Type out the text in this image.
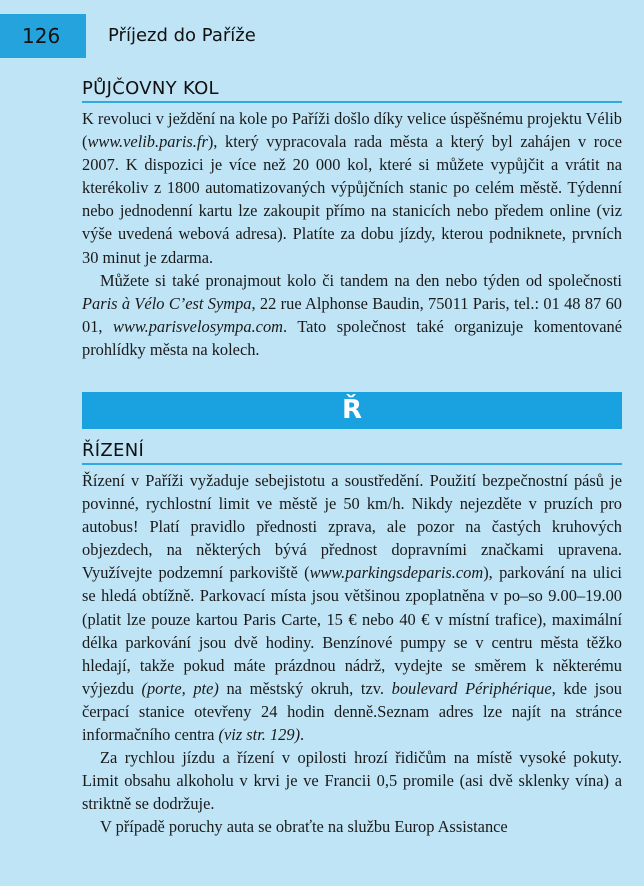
126	Příjezd do Paříže
PŮJČOVNY KOL

K revoluci v ježdění na kole po Paříži došlo díky velice úspěšnému projektu Vélib (www.velib.paris.fr), který vypracovala rada města a který byl zahájen v roce 2007. K dispozici je více než 20 000 kol, které si můžete vypůjčit a vrátit na kterékoliv z 1800 automatizovaných výpůjčních stanic po celém městě. Týdenní nebo jednodenní kartu lze zakoupit přímo na stanicích nebo předem online (viz výše uvedená webová adresa). Platíte za dobu jízdy, kterou podniknete, prvních 30 minut je zdarma.

Můžete si také pronajmout kolo či tandem na den nebo týden od společnosti Paris à Vélo C’est Sympa, 22 rue Alphonse Baudin, 75011 Paris, tel.: 01 48 87 60 01, www.parisvelosympa.com. Tato společnost také organizuje komentované prohlídky města na kolech.

Ř
ŘÍZENÍ

Řízení v Paříži vyžaduje sebejistotu a soustředění. Použití bezpečnostní pásů je povinné, rychlostní limit ve městě je 50 km/h. Nikdy nejezděte v pruzích pro autobus! Platí pravidlo přednosti zprava, ale pozor na častých kruhových objezdech, na některých bývá přednost dopravními značkami upravena. Využívejte podzemní parkoviště (www.parkingsdeparis.com), parkování na ulici se hledá obtížně. Parkovací místa jsou většinou zpoplatněna v po–so 9.00–19.00 (platit lze pouze kartou Paris Carte, 15 € nebo 40 € v místní trafice), maximální délka parkování jsou dvě hodiny. Benzínové pumpy se v centru města těžko hledají, takže pokud máte prázdnou nádrž, vydejte se směrem k některému výjezdu (porte, pte) na městský okruh, tzv. boulevard Périphérique, kde jsou čerpací stanice otevřeny 24 hodin denně.Seznam adres lze najít na stránce informačního centra (viz str. 129).

Za rychlou jízdu a řízení v opilosti hrozí řidičům na místě vysoké pokuty. Limit obsahu alkoholu v krvi je ve Francii 0,5 promile (asi dvě sklenky vína) a striktně se dodržuje.

V případě poruchy auta se obraťte na službu Europ Assistance
